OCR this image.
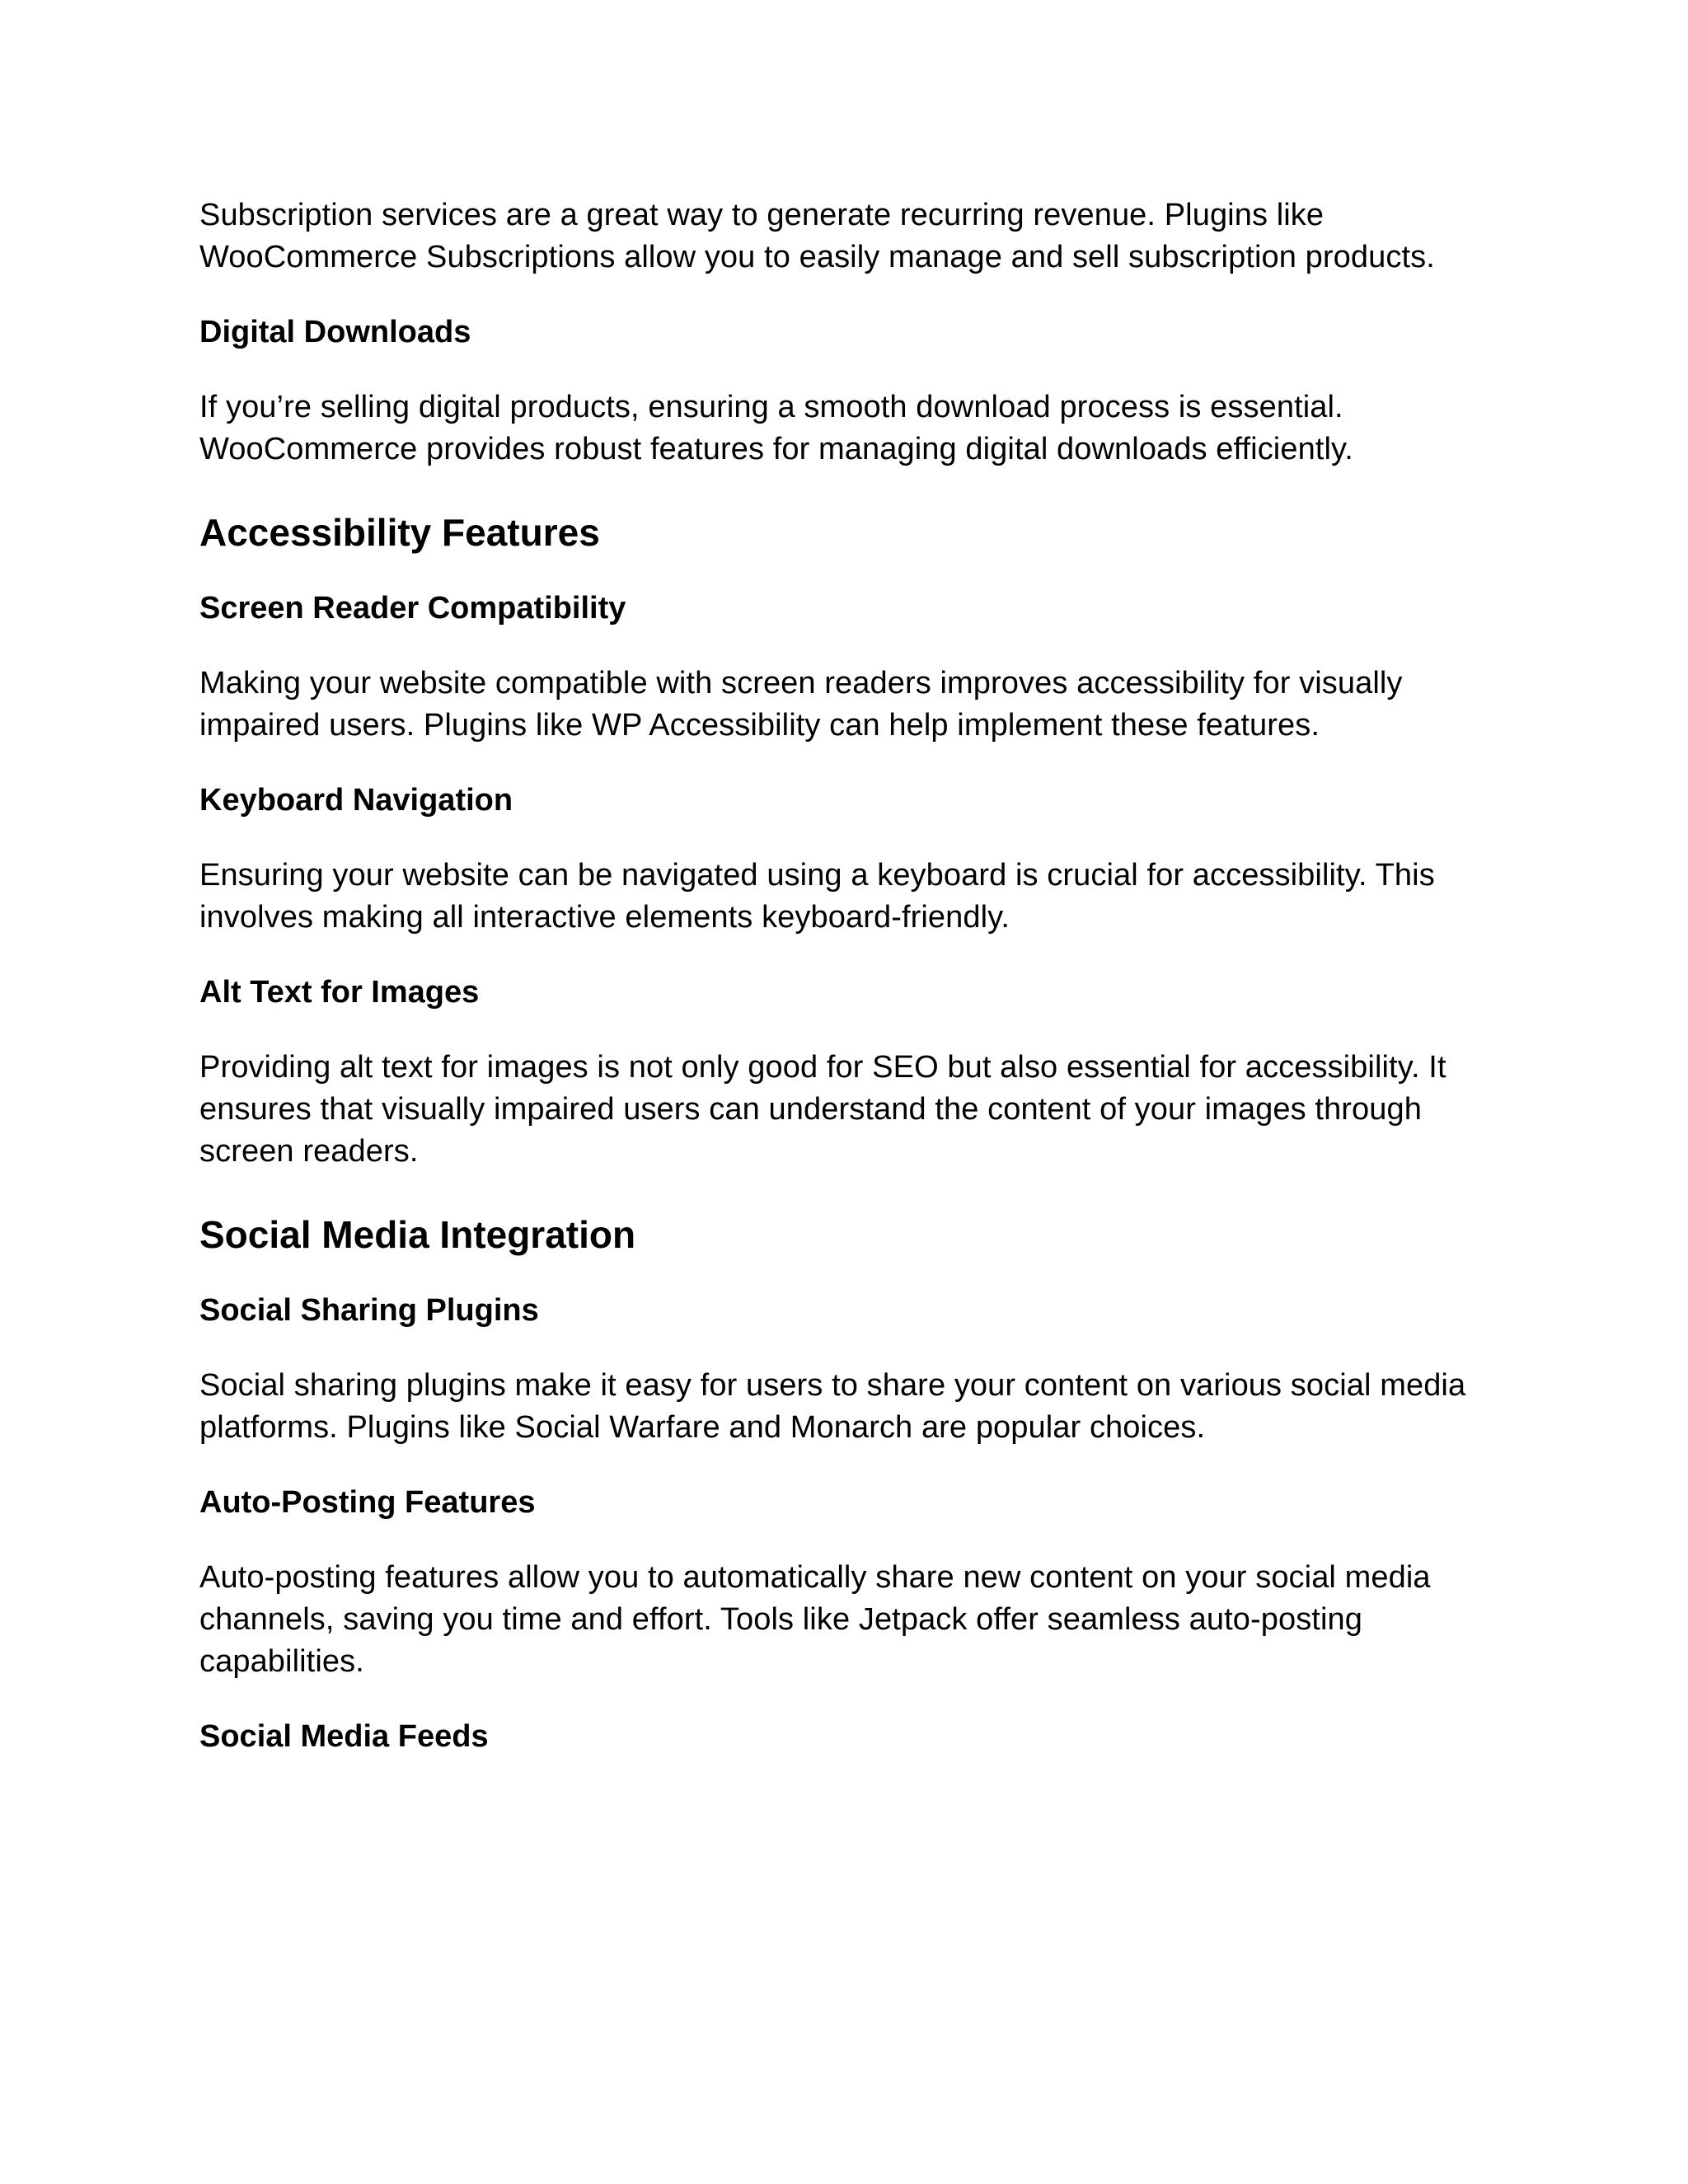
Subscription services are a great way to generate recurring revenue. Plugins like WooCommerce Subscriptions allow you to easily manage and sell subscription products.

Digital Downloads

If you’re selling digital products, ensuring a smooth download process is essential. WooCommerce provides robust features for managing digital downloads efficiently.

Accessibility Features
Screen Reader Compatibility

Making your website compatible with screen readers improves accessibility for visually impaired users. Plugins like WP Accessibility can help implement these features.

Keyboard Navigation

Ensuring your website can be navigated using a keyboard is crucial for accessibility. This involves making all interactive elements keyboard-friendly.

Alt Text for Images

Providing alt text for images is not only good for SEO but also essential for accessibility. It ensures that visually impaired users can understand the content of your images through screen readers.

Social Media Integration
Social Sharing Plugins

Social sharing plugins make it easy for users to share your content on various social media platforms. Plugins like Social Warfare and Monarch are popular choices.

Auto-Posting Features

Auto-posting features allow you to automatically share new content on your social media channels, saving you time and effort. Tools like Jetpack offer seamless auto-posting capabilities.

Social Media Feeds
